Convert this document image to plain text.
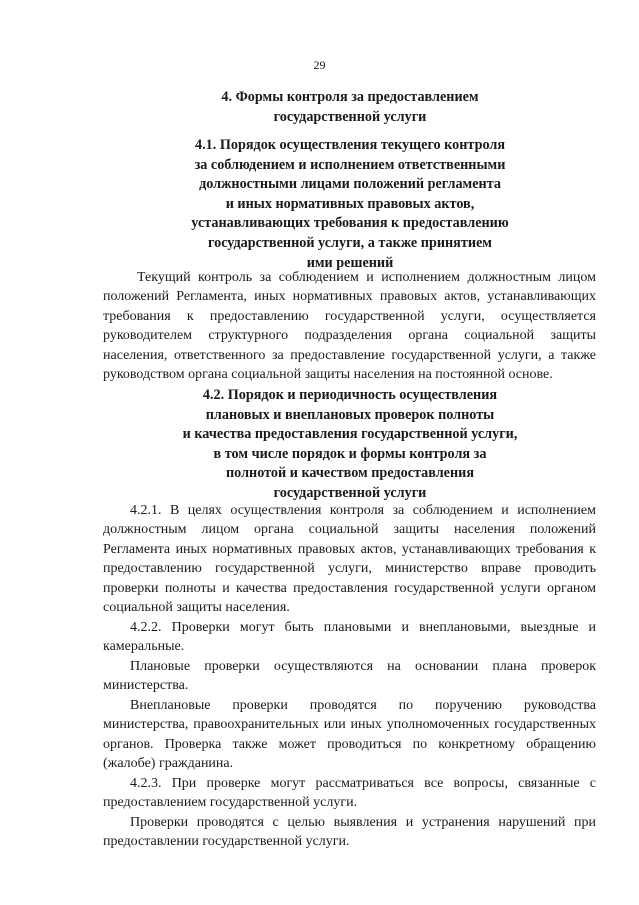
29
4. Формы контроля за предоставлением
государственной услуги
4.1. Порядок осуществления текущего контроля
за соблюдением и исполнением ответственными
должностными лицами положений регламента
и иных нормативных правовых актов,
устанавливающих требования к предоставлению
государственной услуги, а также принятием
ими решений
Текущий контроль за соблюдением и исполнением должностным лицом
положений Регламента, иных нормативных правовых актов, устанавливающих
требования к предоставлению государственной услуги, осуществляется
руководителем структурного подразделения органа социальной защиты
населения, ответственного за предоставление государственной услуги, а также
руководством органа социальной защиты населения на постоянной основе.
4.2. Порядок и периодичность осуществления
плановых и внеплановых проверок полноты
и качества предоставления государственной услуги,
в том числе порядок и формы контроля за
полнотой и качеством предоставления
государственной услуги
4.2.1. В целях осуществления контроля за соблюдением и исполнением
должностным лицом органа социальной защиты населения положений
Регламента иных нормативных правовых актов, устанавливающих требования к
предоставлению государственной услуги, министерство вправе проводить
проверки полноты и качества предоставления государственной услуги органом
социальной защиты населения.
4.2.2. Проверки могут быть плановыми и внеплановыми, выездные и
камеральные.
Плановые проверки осуществляются на основании плана проверок
министерства.
Внеплановые проверки проводятся по поручению руководства
министерства, правоохранительных или иных уполномоченных государственных
органов. Проверка также может проводиться по конкретному обращению
(жалобе) гражданина.
4.2.3. При проверке могут рассматриваться все вопросы, связанные с
предоставлением государственной услуги.
Проверки проводятся с целью выявления и устранения нарушений при
предоставлении государственной услуги.
